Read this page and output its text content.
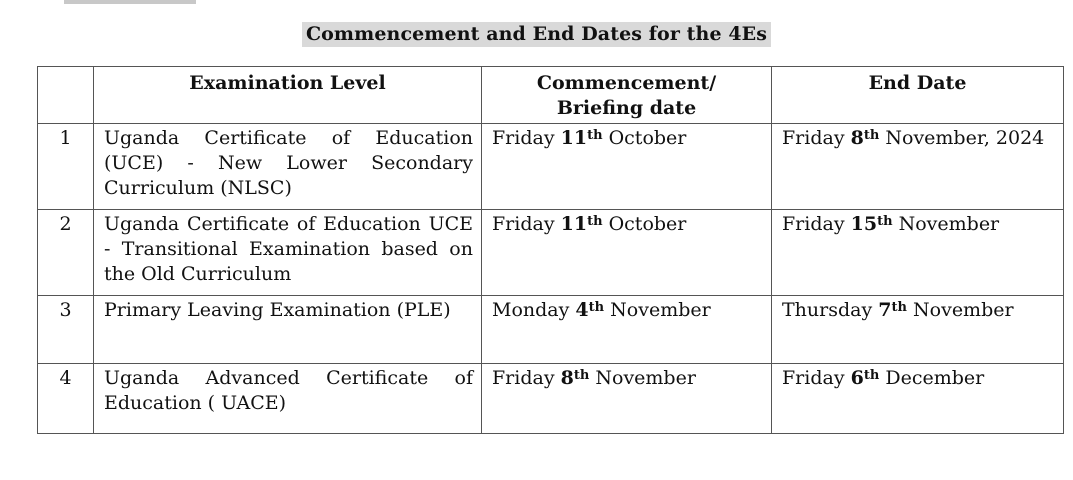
Commencement and End Dates for the 4Es
	Examination Level	Commencement/ Briefing date	End Date
1	Uganda Certificate of Education (UCE) - New Lower Secondary Curriculum (NLSC)	Friday 11th October	Friday 8th November, 2024
2	Uganda Certificate of Education UCE - Transitional Examination based on the Old Curriculum	Friday 11th October	Friday 15th November
3	Primary Leaving Examination (PLE)	Monday 4th November	Thursday 7th November
4	Uganda Advanced Certificate of Education ( UACE)	Friday 8th November	Friday 6th December
